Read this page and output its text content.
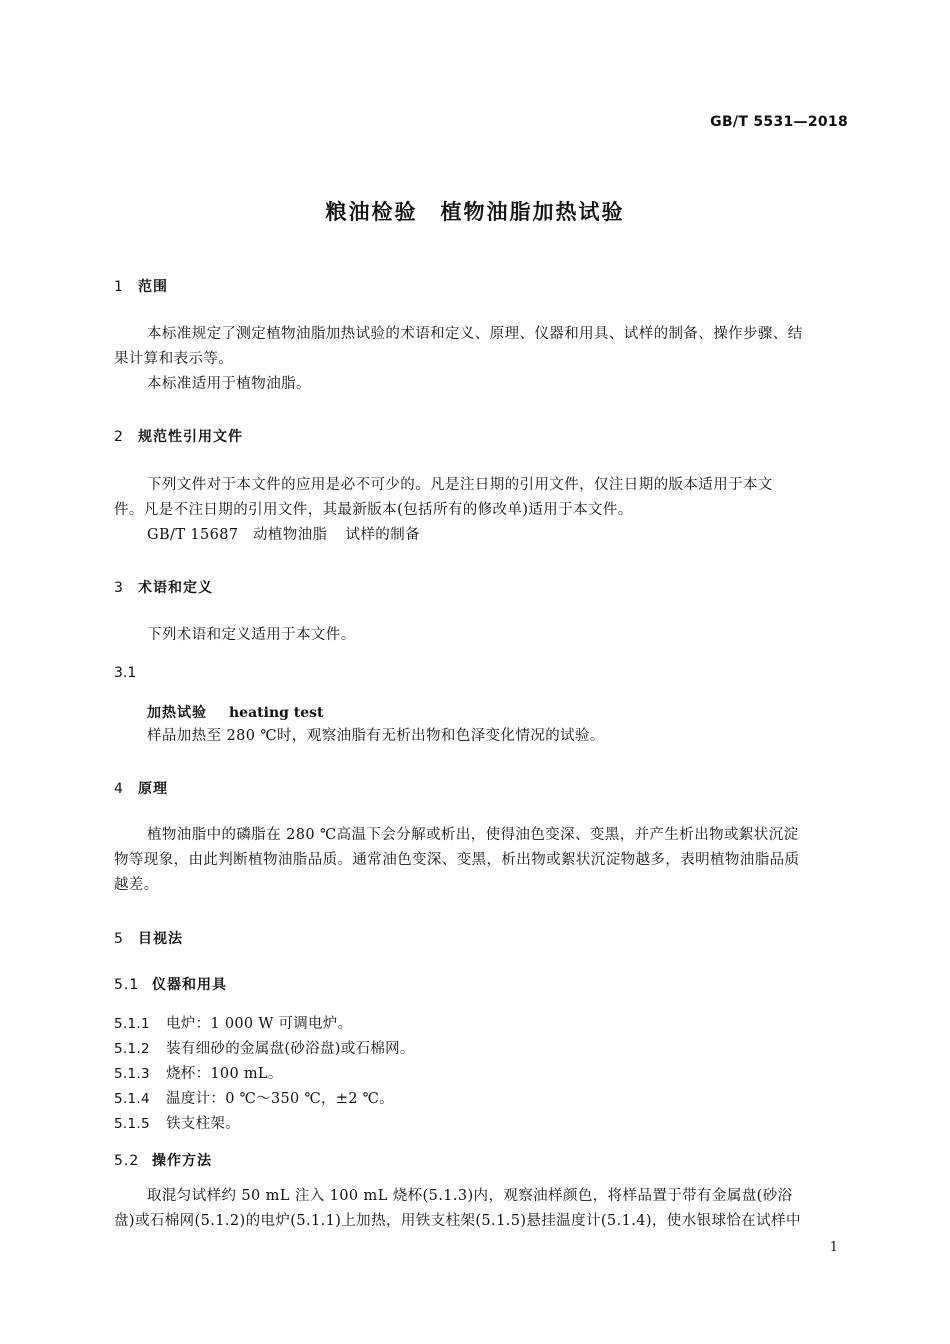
GB/T 5531—2018
粮油检验　植物油脂加热试验
1 范围
本标准规定了测定植物油脂加热试验的术语和定义、原理、仪器和用具、试样的制备、操作步骤、结
果计算和表示等。
本标准适用于植物油脂。
2 规范性引用文件
下列文件对于本文件的应用是必不可少的。凡是注日期的引用文件，仅注日期的版本适用于本文
件。凡是不注日期的引用文件，其最新版本(包括所有的修改单)适用于本文件。
GB/T 15687 动植物油脂 试样的制备
3 术语和定义
下列术语和定义适用于本文件。
3.1
加热试验 heating test
样品加热至 280 ℃时，观察油脂有无析出物和色泽变化情况的试验。
4 原理
植物油脂中的磷脂在 280 ℃高温下会分解或析出，使得油色变深、变黑，并产生析出物或絮状沉淀
物等现象，由此判断植物油脂品质。通常油色变深、变黑，析出物或絮状沉淀物越多，表明植物油脂品质
越差。
5 目视法
5.1 仪器和用具
5.1.1 电炉：1 000 W 可调电炉。
5.1.2 装有细砂的金属盘(砂浴盘)或石棉网。
5.1.3 烧杯：100 mL。
5.1.4 温度计：0 ℃～350 ℃，±2 ℃。
5.1.5 铁支柱架。
5.2 操作方法
取混匀试样约 50 mL 注入 100 mL 烧杯(5.1.3)内，观察油样颜色，将样品置于带有金属盘(砂浴
盘)或石棉网(5.1.2)的电炉(5.1.1)上加热，用铁支柱架(5.1.5)悬挂温度计(5.1.4)，使水银球恰在试样中
1
